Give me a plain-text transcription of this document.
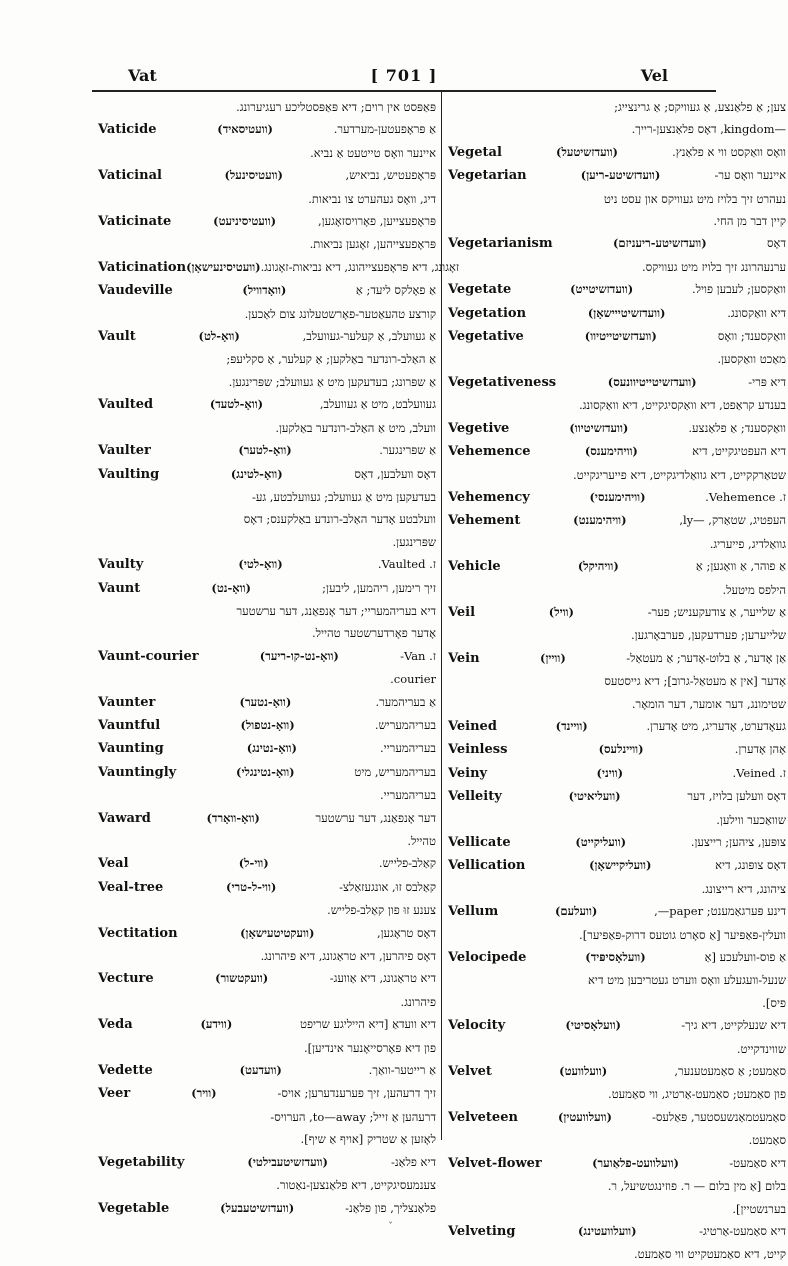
Vat	[ 701 ]	Vel
פּאַפּסט אין רוים; דיא פּאַפּסטליכע רעגיערונג.
Vaticide	(וועטיסאיד)	אַ פּראָפעטען-מערדער.
איינער וואָס טייטעט אַ נביא.
Vaticinal	(וועטיסינעל)	פּראָפעטיש, נביאיש,
דיג, וואָס געהערט צו נביאות.
Vaticinate	(וועטיסיניעט)	פּראָפעצייען, פאָרויסזאָגען,
פּראָפעצייהען, זאָגען נביאות.
Vaticination (וועטיסינעישאָן) זאָגונג, דיא פּראָפעצייהונג, דיא נביאות-זאָגונג.
Vaudeville	(וואָדוויל)	אַ פאָלקס ליעד; אַ
קורצע טהעאַטער-פאָרשטעלונג צום לאַכען.
Vault	(וואָ-לט)	אַ געוועלב, אַ קעלער-געוועלב,
אַ האַלב-רונדער באַלקען; אַ קעלער, אַ סקליעפּ;
אַ שפּרונג; בעדעקען מיט אַ געוועלב; שפּרינגען.
Vaulted	(וואָ-לטעד)	געוועלבט, מיט אַ געוועלב,
וועלב, מיט אַ האַלב-רונדער באַלקען.
Vaulter	(וואָ-לטער)	אַ שפּרינגער.
Vaulting	(וואָ-לטינג)	דאָס וועלבען, דאָס
בעדעקען מיט אַ געוועלב; געוועלבטע, גע-
וועלבטע אָדער האַלב-רונדע באַלקענס; דאָס
שפּרינגען.
Vaulty	(וואָ-לטי)	ז. Vaulted.
Vaunt	(וואָ-נט)	זיך רימען, ריהמען, ליבען;
דיא בעריהמעריי; דער אָנפאַנג, דער ערשטער
אָדער פאָרדערשטער טהייל.
Vaunt-courier	(וואָ-נט-קו-ריער)	ז. Van-
courier.
Vaunter	(וואָ-נטער)	אַ בעריהמער.
Vauntful	(וואָ-נטפול)	בעריהמעריש.
Vaunting	(וואָ-נטינג)	בעריהמעריי.
Vauntingly	(וואָ-נטינגלי)	בעריהמעריש, מיט
בעריהמעריי.
Vaward	(וואָ-וואָרד)	דער אָנפאַנג, דער ערשטער
טהייל.
Veal	(ווי-ל)	קאַלב-פלייש.
Veal-tree	(ווי-ל-טרי)	קאַלבס זוּ, אונגעזאַלצ-
צענע זוּ פון קאַלב-פלייש.
Vectitation	(וועקטיטעישאָן)	דאָס טראָגען,
דאָס פיהרען, דיא טראַגונג, דיא פיהרונג.
Vecture	(וועקטשור)	דיא טראַגונג, דיא אַוועג-
פיהרונג.
Veda	(ווידע)	דיא וועדאַ [דיא הייליגע שריפט
פון דיא פּאָרסייאָנער אינדיען].
Vedette	(וועדעט)	אַ רייטער-וואַך.
Veer	(וויר)	זיך דרעהען, זיך פערענדערען; אויס-
דרעהען אַ זייל; to—away, הערויס-
לאָזען אַ שטריק [אויף אַ שיף].
Vegetability	(וועדזשיטעבילטי)	דיא פלאַנ-
צענמעסיגקייט, דיא פלאַנצען-נאַטור.
Vegetable	(וועדזשיטעבעל)	פלאַנצליך, פון פלאַנ-
צען; אַ פלאַנצע, אַ געוויקס; אַ גרינצייג;
—kingdom, דאָס פלאַנצען-רייך.
Vegetal	(וועדזשיטעל)	וואָס וואַקסט ווי א פלאַנץ.
Vegetarian	(וועדזשיטע-ריען)	איינער וואָס ער-
נעהרט זיך בלויז מיט געוויקס און עסט ניט
קיין דבר מן החי.
Vegetarianism	(וועדזשיטע-ריעניזם)	דאָס
ערנעהרונג זיך בלויז מיט געוויקס.
Vegetate	(וועדזשיטייט)	וואַקסען; לעבען פויל.
Vegetation	(וועדזשיטייישאָן)	דיא וואַקסונג.
Vegetative	(וועדזשיטייטיוו)	וואַקסענד; וואָס
מאַכט וואַקסען.
Vegetativeness	(וועדזשיטייטיוונעס)	דיא פּרי-
בענדע קראַפט, דיא וואַקסיגקייט, דיא וואַקסונג.
Vegetive	(וועדזשיטיוו)	וואַקסענד; אַ פלאַנצע.
Vehemence	(וויהימענס)	דיא העפטיגקייט, דיא
שטאַרקקייט, דיא גוואַלדיגקייט, דיא פייעריגקייט.
Vehemency	(וויהימענסי)	ז. Vehemence.
Vehement	(וויהימענט)	העפטיג, שטאַרק, —ly,
גוואַלדיג, פייעריג.
Vehicle	(וויהיקל)	אַ פוהר, אַ וואַגען; אַ
הילפס מיטעל.
Veil	(וויל)	אַ שלייער, אַ צודעקעניש; פער-
שלייערען; פערדעקען, פערבאָרגען.
Vein	(וויין)	אַן אָדער, אַ בלוט-אָדער; אַ מעטאַל-
אָדער [אין אַ מעטאַל-גרוב]; דיא גייסטעס
שטימונג, דער אומער, דער הומאָר.
Veined	(וויינד)	געאָדערט, אָדעריג, מיט אָדערן.
Veinless	(וויינלעס)	אָהן אָדערן.
Veiny	(וויני)	ז. Veined.
Velleity	(וועליאיטי)	דאָס וועלען בלויז, דער
שוואַכער ווילען.
Vellicate	(וועליקייט)	צופּען, ציהען; רייצען.
Vellication	(וועליקיישאָן)	דאָס צופּונג, דיא
ציהונג, דיא רייצונג.
Vellum	(וועלעם)	דינע פּערגאַמענט; paper—,
וועלין-פּאַפּיער [אַ סאָרט גוטעס דרוק-פּאַפּיער].
Velocipede	(וועלאָסיפּיד)	אַ פוס-וועלעכע [אַ
שנעל-וועגעלע וואָס ווערט געטריבען מיט דיא
פיס].
Velocity	(וועלאָסיטי)	דיא שנעלקייט, דיא גיך-
שווינדקייט.
Velvet	(וועלוועט)	סאַמעט; אַ סאַמעטענער,
פון סאַמעט; סאַמעט-אַרטיג, ווי סאַמעט.
Velveteen	(וועלוועטין)	סאַמעטמאַנשעסטער, פּאַלעס-
סאַמעט.
Velvet-flower	(וועלוועט-פלאַוער)	דיא סאַמעט-
בלום [אַ מין בלום — ר. פוזינגטשיעל, ר.
בערנשטיין].
Velveting	(וועלוועטינג)	דיא סאַמעט-אַרטיג-
קייט, דיא סאַמעטקייט ווי סאַמעט.
ˇ
